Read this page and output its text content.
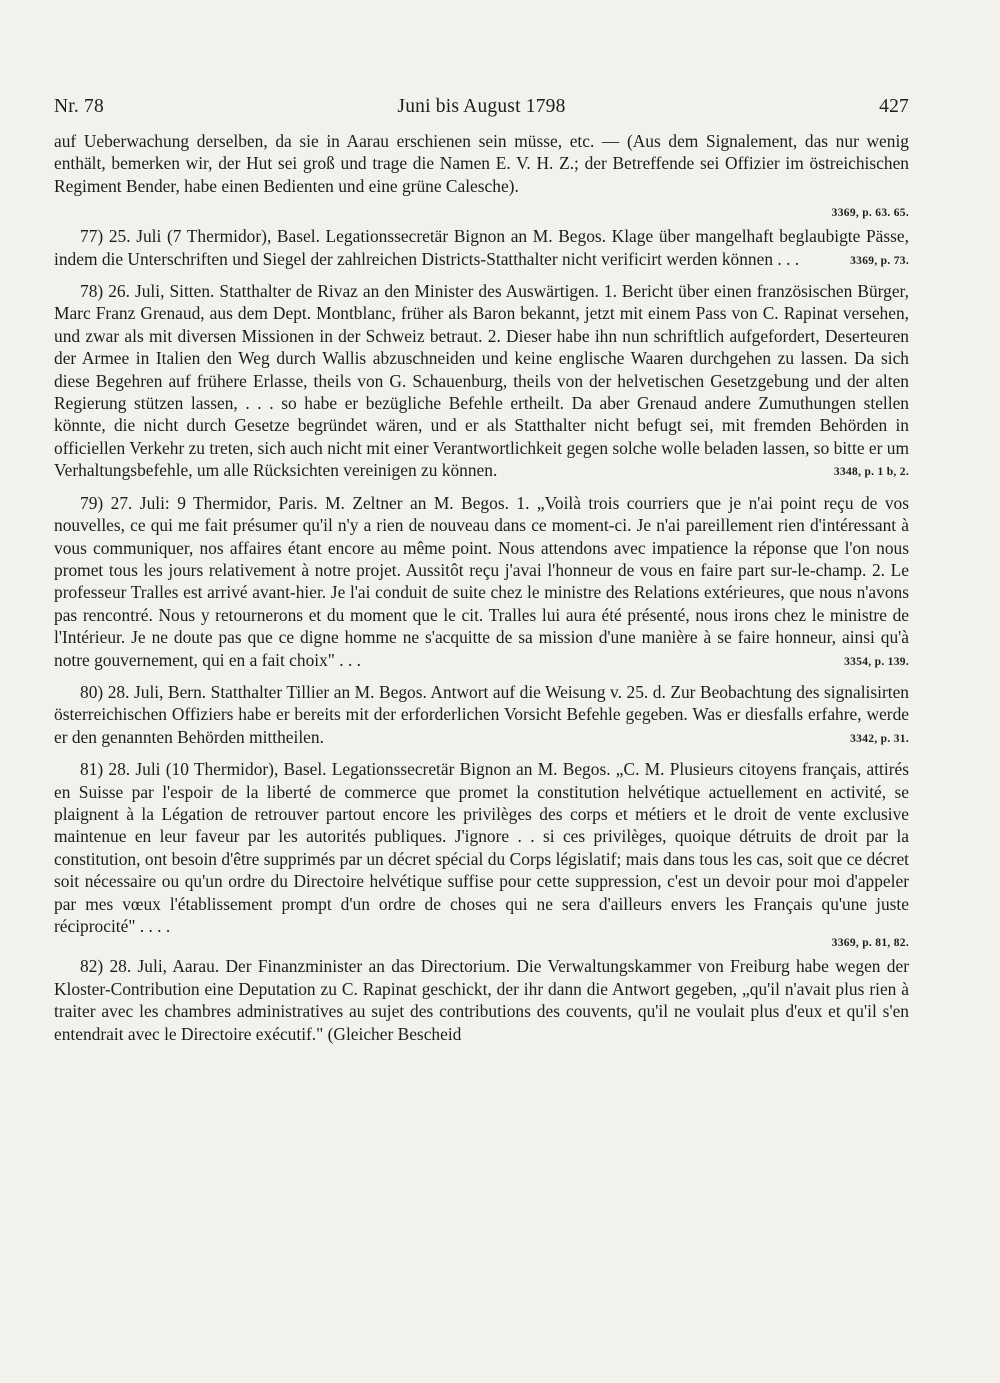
Nr. 78	Juni bis August 1798	427
auf Ueberwachung derselben, da sie in Aarau erschienen sein müsse, etc. — (Aus dem Signalement, das nur wenig enthält, bemerken wir, der Hut sei groß und trage die Namen E. V. H. Z.; der Betreffende sei Offizier im östreichischen Regiment Bender, habe einen Bedienten und eine grüne Calesche).
3369, p. 63. 65.
77) 25. Juli (7 Thermidor), Basel. Legationssecretär Bignon an M. Begos. Klage über mangelhaft beglaubigte Pässe, indem die Unterschriften und Siegel der zahlreichen Districts-Statthalter nicht verificirt werden können . . .	3369, p. 73.
78) 26. Juli, Sitten. Statthalter de Rivaz an den Minister des Auswärtigen. 1. Bericht über einen französischen Bürger, Marc Franz Grenaud, aus dem Dept. Montblanc, früher als Baron bekannt, jetzt mit einem Pass von C. Rapinat versehen, und zwar als mit diversen Missionen in der Schweiz betraut. 2. Dieser habe ihn nun schriftlich aufgefordert, Deserteuren der Armee in Italien den Weg durch Wallis abzuschneiden und keine englische Waaren durchgehen zu lassen. Da sich diese Begehren auf frühere Erlasse, theils von G. Schauenburg, theils von der helvetischen Gesetzgebung und der alten Regierung stützen lassen, . . . so habe er bezügliche Befehle ertheilt. Da aber Grenaud andere Zumuthungen stellen könnte, die nicht durch Gesetze begründet wären, und er als Statthalter nicht befugt sei, mit fremden Behörden in officiellen Verkehr zu treten, sich auch nicht mit einer Verantwortlichkeit gegen solche wolle beladen lassen, so bitte er um Verhaltungsbefehle, um alle Rücksichten vereinigen zu können.	3348, p. 1 b, 2.
79) 27. Juli: 9 Thermidor, Paris. M. Zeltner an M. Begos. 1. „Voilà trois courriers que je n'ai point reçu de vos nouvelles, ce qui me fait présumer qu'il n'y a rien de nouveau dans ce moment-ci. Je n'ai pareillement rien d'intéressant à vous communiquer, nos affaires étant encore au même point. Nous attendons avec impatience la réponse que l'on nous promet tous les jours relativement à notre projet. Aussitôt reçu j'avai l'honneur de vous en faire part sur-le-champ. 2. Le professeur Tralles est arrivé avant-hier. Je l'ai conduit de suite chez le ministre des Relations extérieures, que nous n'avons pas rencontré. Nous y retournerons et du moment que le cit. Tralles lui aura été présenté, nous irons chez le ministre de l'Intérieur. Je ne doute pas que ce digne homme ne s'acquitte de sa mission d'une manière à se faire honneur, ainsi qu'à notre gouvernement, qui en a fait choix" . . .	3354, p. 139.
80) 28. Juli, Bern. Statthalter Tillier an M. Begos. Antwort auf die Weisung v. 25. d. Zur Beobachtung des signalisirten österreichischen Offiziers habe er bereits mit der erforderlichen Vorsicht Befehle gegeben. Was er diesfalls erfahre, werde er den genannten Behörden mittheilen.	3342, p. 31.
81) 28. Juli (10 Thermidor), Basel. Legationssecretär Bignon an M. Begos. „C. M. Plusieurs citoyens français, attirés en Suisse par l'espoir de la liberté de commerce que promet la constitution helvétique actuellement en activité, se plaignent à la Légation de retrouver partout encore les privilèges des corps et métiers et le droit de vente exclusive maintenue en leur faveur par les autorités publiques. J'ignore . . si ces privilèges, quoique détruits de droit par la constitution, ont besoin d'être supprimés par un décret spécial du Corps législatif; mais dans tous les cas, soit que ce décret soit nécessaire ou qu'un ordre du Directoire helvétique suffise pour cette suppression, c'est un devoir pour moi d'appeler par mes vœux l'établissement prompt d'un ordre de choses qui ne sera d'ailleurs envers les Français qu'une juste réciprocité" . . . .
3369, p. 81, 82.
82) 28. Juli, Aarau. Der Finanzminister an das Directorium. Die Verwaltungskammer von Freiburg habe wegen der Kloster-Contribution eine Deputation zu C. Rapinat geschickt, der ihr dann die Antwort gegeben, „qu'il n'avait plus rien à traiter avec les chambres administratives au sujet des contributions des couvents, qu'il ne voulait plus d'eux et qu'il s'en entendrait avec le Directoire exécutif." (Gleicher Bescheid
